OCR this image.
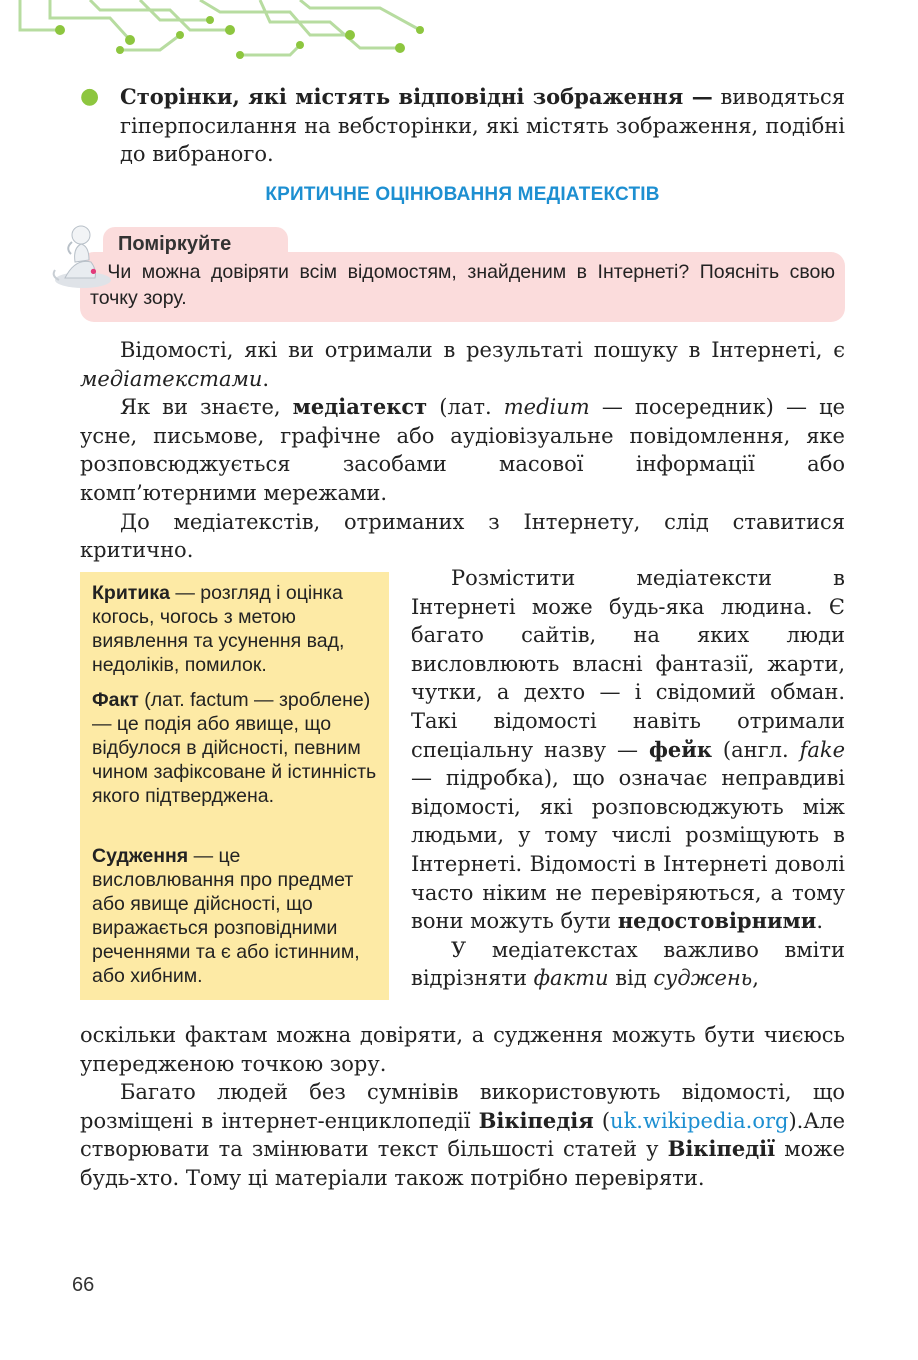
● Сторінки, які містять відповідні зображення — виводяться гіперпосилання на вебсторінки, які містять зображення, подібні до вибраного.
КРИТИЧНЕ ОЦІНЮВАННЯ МЕДІАТЕКСТІВ
Поміркуйте
• Чи можна довіряти всім відомостям, знайденим в Інтернеті? Поясніть свою точку зору.

Відомості, які ви отримали в результаті пошуку в Інтернеті, є медіатекстами.

Як ви знаєте, медіатекст (лат. medium — посередник) — це усне, письмове, графічне або аудіовізуальне повідомлення, яке розповсюджується засобами масової інформації або комп’ютерними мережами.

До медіатекстів, отриманих з Інтернету, слід ставитися критично.

Критика — розгляд і оцінка когось, чогось з метою виявлення та усунення вад, недоліків, помилок.
Факт (лат. factum — зроблене) — це подія або явище, що відбулося в дійсності, певним чином зафіксоване й істинність якого підтверджена.
Судження — це висловлювання про предмет або явище дійсності, що виражається розповідними реченнями та є або істинним, або хибним.

Розмістити медіатексти в Інтернеті може будь-яка людина. Є багато сайтів, на яких люди висловлюють власні фантазії, жарти, чутки, а дехто — і свідомий обман. Такі відомості навіть отримали спеціальну назву — фейк (англ. fake — підробка), що означає неправдиві відомості, які розповсюджують між людьми, у тому числі розміщують в Інтернеті. Відомості в Інтернеті доволі часто ніким не перевіряються, а тому вони можуть бути недостовірними.

У медіатекстах важливо вміти відрізняти факти від суджень,

оскільки фактам можна довіряти, а судження можуть бути чиєюсь упередженою точкою зору.

Багато людей без сумнівів використовують відомості, що розміщені в інтернет-енциклопедії Вікіпедія (uk.wikipedia.org).Але створювати та змінювати текст більшості статей у Вікіпедії може будь-хто. Тому ці матеріали також потрібно перевіряти.

66
